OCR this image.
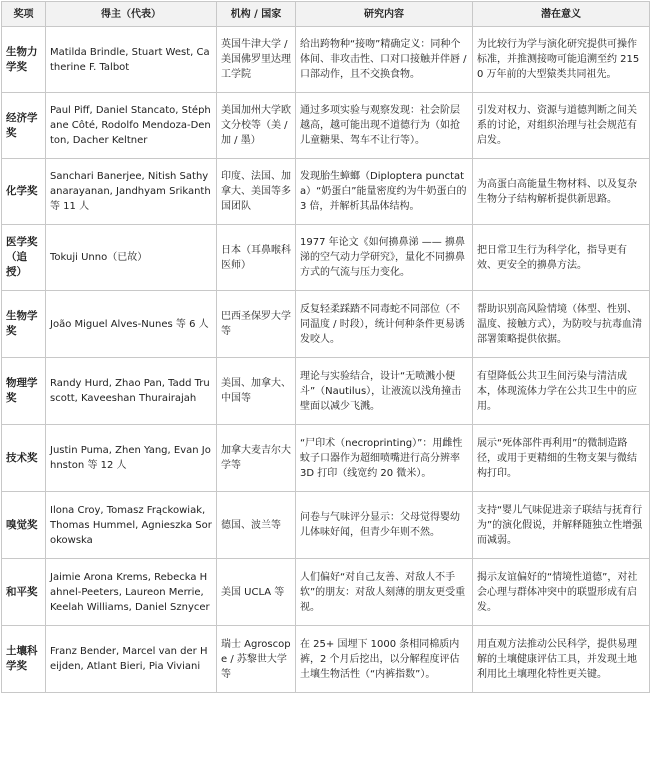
奖项	得主（代表）	机构 / 国家	研究内容	潜在意义
生物力学奖	Matilda Brindle, Stuart West, Catherine F. Talbot	英国牛津大学 / 美国佛罗里达理工学院	给出跨物种“接吻”精确定义：同种个体间、非攻击性、口对口接触并伴唇 / 口部动作，且不交换食物。	为比较行为学与演化研究提供可操作标准，并推测接吻可能追溯至约 2150 万年前的大型猿类共同祖先。
经济学奖	Paul Piff, Daniel Stancato, Stéphane Côté, Rodolfo Mendoza-Denton, Dacher Keltner	美国加州大学欧文分校等（美 / 加 / 墨）	通过多项实验与观察发现：社会阶层越高，越可能出现不道德行为（如抢儿童糖果、驾车不让行等）。	引发对权力、资源与道德判断之间关系的讨论，对组织治理与社会规范有启发。
化学奖	Sanchari Banerjee, Nitish Sathyanarayanan, Jandhyam Srikanth 等 11 人	印度、法国、加拿大、美国等多国团队	发现胎生蟑螂（Diploptera punctata）“奶蛋白”能量密度约为牛奶蛋白的 3 倍，并解析其晶体结构。	为高蛋白高能量生物材料、以及复杂生物分子结构解析提供新思路。
医学奖（追授）	Tokuji Unno（已故）	日本（耳鼻喉科医师）	1977 年论文《如何擤鼻涕 —— 擤鼻涕的空气动力学研究》，量化不同擤鼻方式的气流与压力变化。	把日常卫生行为科学化，指导更有效、更安全的擤鼻方法。
生物学奖	João Miguel Alves-Nunes 等 6 人	巴西圣保罗大学等	反复轻柔踩踏不同毒蛇不同部位（不同温度 / 时段），统计何种条件更易诱发咬人。	帮助识别高风险情境（体型、性别、温度、接触方式），为防咬与抗毒血清部署策略提供依据。
物理学奖	Randy Hurd, Zhao Pan, Tadd Truscott, Kaveeshan Thurairajah	美国、加拿大、中国等	理论与实验结合，设计“无喷溅小便斗”（Nautilus），让液流以浅角撞击壁面以减少飞溅。	有望降低公共卫生间污染与清洁成本，体现流体力学在公共卫生中的应用。
技术奖	Justin Puma, Zhen Yang, Evan Johnston 等 12 人	加拿大麦吉尔大学等	“尸印术（necroprinting）”：用雌性蚊子口器作为超细喷嘴进行高分辨率 3D 打印（线宽约 20 微米）。	展示“死体部件再利用”的微制造路径，或用于更精细的生物支架与微结构打印。
嗅觉奖	Ilona Croy, Tomasz Frąckowiak, Thomas Hummel, Agnieszka Sorokowska	德国、波兰等	问卷与气味评分显示：父母觉得婴幼儿体味好闻，但青少年则不然。	支持“婴儿气味促进亲子联结与抚育行为”的演化假说，并解释随独立性增强而减弱。
和平奖	Jaimie Arona Krems, Rebecka Hahnel-Peeters, Laureon Merrie, Keelah Williams, Daniel Sznycer	美国 UCLA 等	人们偏好“对自己友善、对敌人不手软”的朋友：对敌人刻薄的朋友更受重视。	揭示友谊偏好的“情境性道德”，对社会心理与群体冲突中的联盟形成有启发。
土壤科学奖	Franz Bender, Marcel van der Heijden, Atlant Bieri, Pia Viviani	瑞士 Agroscope / 苏黎世大学等	在 25+ 国埋下 1000 条相同棉质内裤，2 个月后挖出，以分解程度评估土壤生物活性（“内裤指数”）。	用直观方法推动公民科学，提供易理解的土壤健康评估工具，并发现土地利用比土壤理化特性更关键。
